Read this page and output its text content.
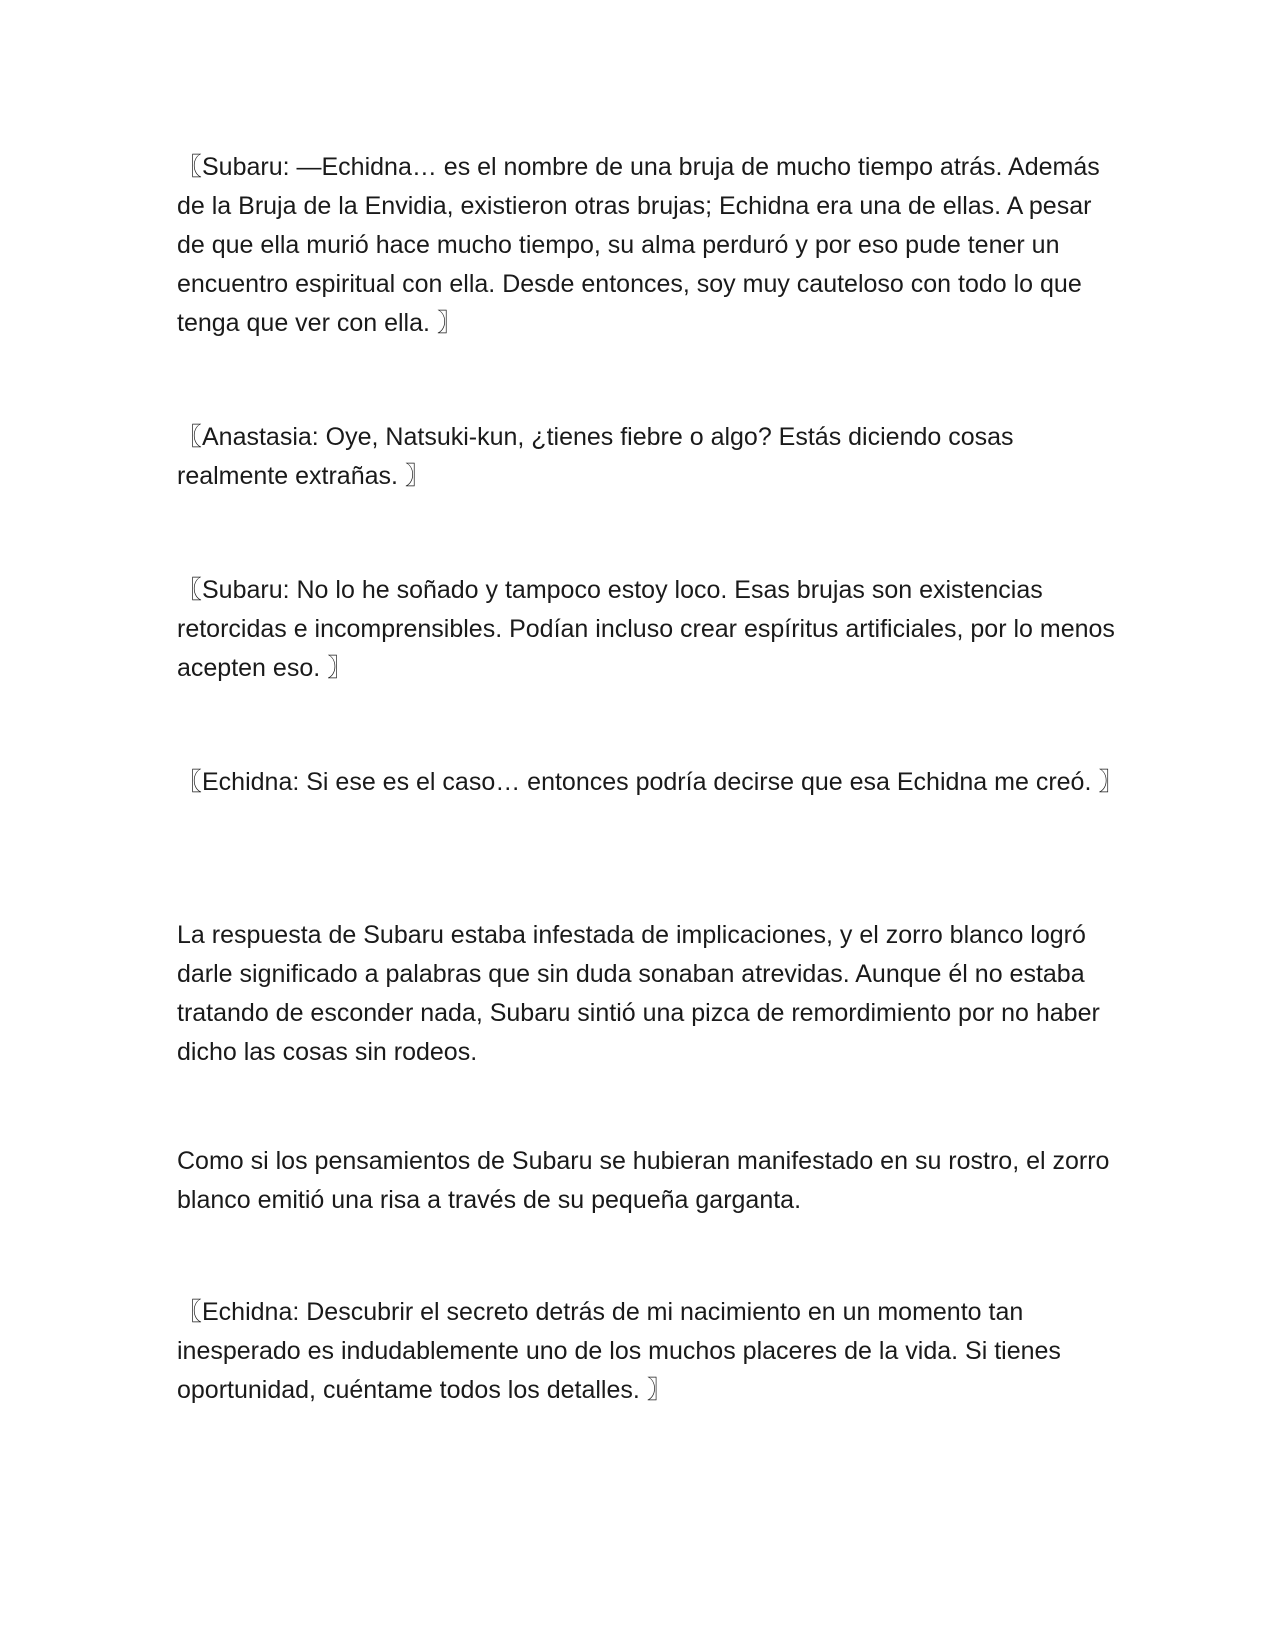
〖Subaru: —Echidna… es el nombre de una bruja de mucho tiempo atrás. Además de la Bruja de la Envidia, existieron otras brujas; Echidna era una de ellas. A pesar de que ella murió hace mucho tiempo, su alma perduró y por eso pude tener un encuentro espiritual con ella. Desde entonces, soy muy cauteloso con todo lo que tenga que ver con ella. 〗

〖Anastasia: Oye, Natsuki-kun, ¿tienes fiebre o algo? Estás diciendo cosas realmente extrañas. 〗

〖Subaru: No lo he soñado y tampoco estoy loco. Esas brujas son existencias retorcidas e incomprensibles. Podían incluso crear espíritus artificiales, por lo menos acepten eso. 〗

〖Echidna: Si ese es el caso… entonces podría decirse que esa Echidna me creó. 〗

La respuesta de Subaru estaba infestada de implicaciones, y el zorro blanco logró darle significado a palabras que sin duda sonaban atrevidas. Aunque él no estaba tratando de esconder nada, Subaru sintió una pizca de remordimiento por no haber dicho las cosas sin rodeos.

Como si los pensamientos de Subaru se hubieran manifestado en su rostro, el zorro blanco emitió una risa a través de su pequeña garganta.

〖Echidna: Descubrir el secreto detrás de mi nacimiento en un momento tan inesperado es indudablemente uno de los muchos placeres de la vida. Si tienes oportunidad, cuéntame todos los detalles. 〗
